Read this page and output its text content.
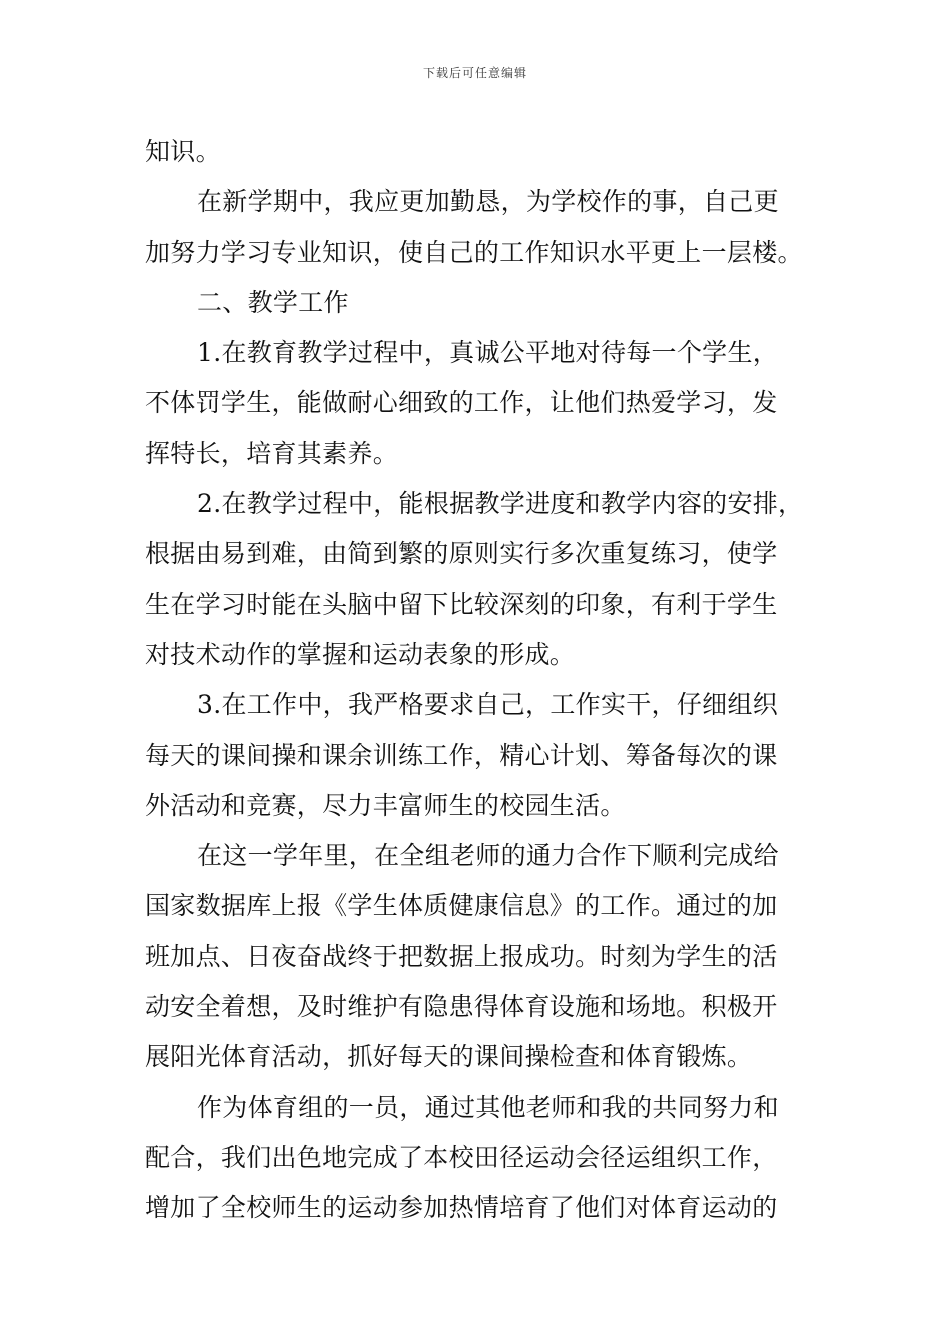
下载后可任意编辑
知识。
在新学期中，我应更加勤恳，为学校作的事，自己更
加努力学习专业知识，使自己的工作知识水平更上一层楼。
二、教学工作
1.在教育教学过程中，真诚公平地对待每一个学生，
不体罚学生，能做耐心细致的工作，让他们热爱学习，发
挥特长，培育其素养。
2.在教学过程中，能根据教学进度和教学内容的安排，
根据由易到难，由简到繁的原则实行多次重复练习，使学
生在学习时能在头脑中留下比较深刻的印象，有利于学生
对技术动作的掌握和运动表象的形成。
3.在工作中，我严格要求自己，工作实干，仔细组织
每天的课间操和课余训练工作，精心计划、筹备每次的课
外活动和竞赛，尽力丰富师生的校园生活。
在这一学年里，在全组老师的通力合作下顺利完成给
国家数据库上报《学生体质健康信息》的工作。通过的加
班加点、日夜奋战终于把数据上报成功。时刻为学生的活
动安全着想，及时维护有隐患得体育设施和场地。积极开
展阳光体育活动，抓好每天的课间操检查和体育锻炼。
作为体育组的一员，通过其他老师和我的共同努力和
配合，我们出色地完成了本校田径运动会径运组织工作，
增加了全校师生的运动参加热情培育了他们对体育运动的
